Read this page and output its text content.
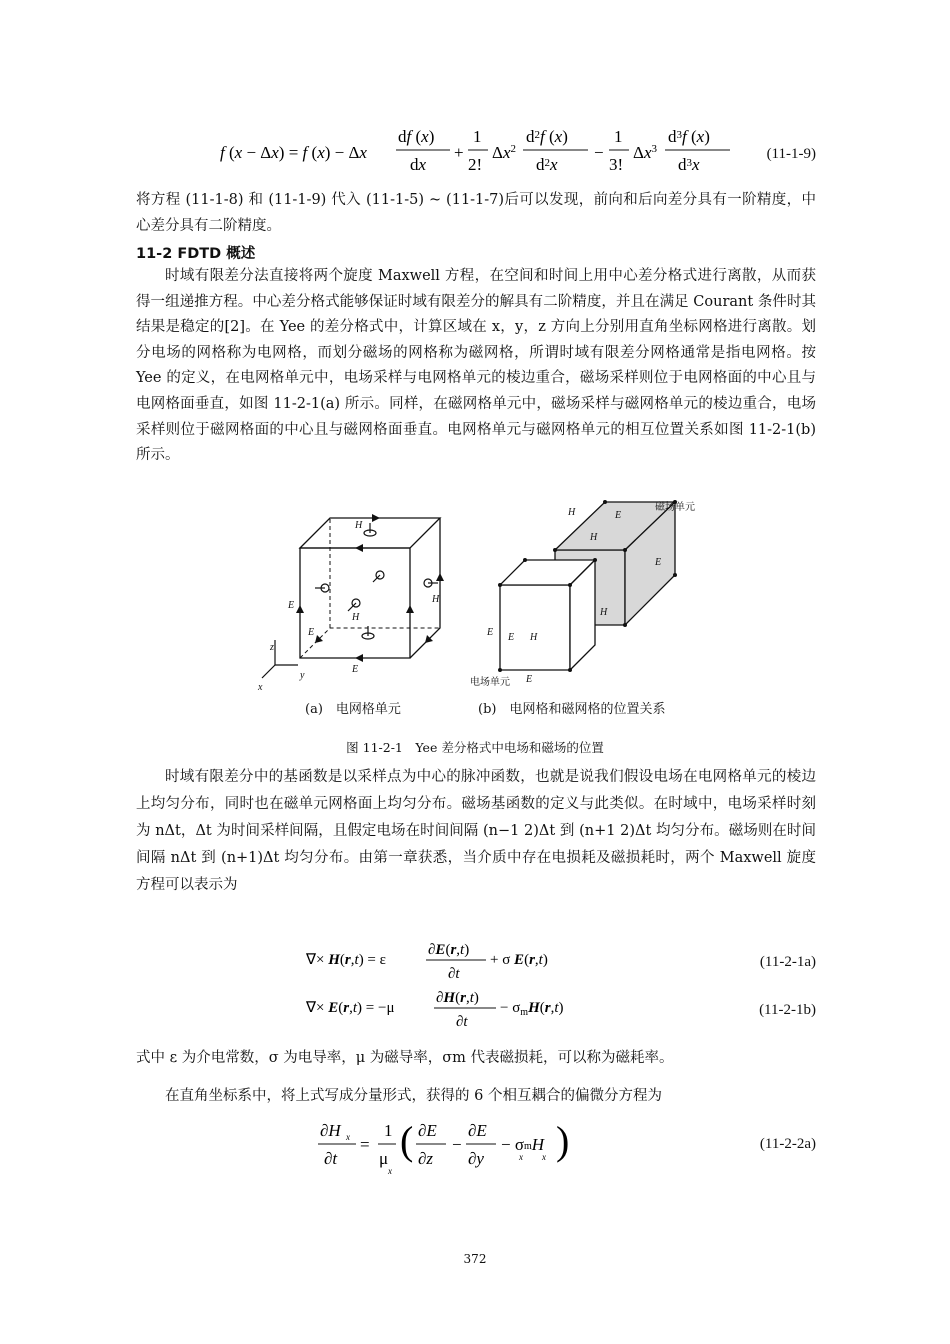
f (x − Δx) = f (x) − Δx
df (x)
dx
+
1
2!
$\Delta x^2$
$d^2f$ (x)
$d^2x$
−
1
3!
$\Delta x^3$
$d^3f$ (x)
$d^3x$
(11-1-9)
将方程 (11-1-8) 和 (11-1-9) 代入 (11-1-5) ~ (11-1-7)后可以发现，前向和后向差分具有一阶精度，中心差分具有二阶精度。
11-2 FDTD 概述
时域有限差分法直接将两个旋度 Maxwell 方程，在空间和时间上用中心差分格式进行离散，从而获得一组递推方程。中心差分格式能够保证时域有限差分的解具有二阶精度，并且在满足 Courant 条件时其结果是稳定的[2]。在 Yee 的差分格式中，计算区域在 x，y，z 方向上分别用直角坐标网格进行离散。划分电场的网格称为电网格，而划分磁场的网格称为磁网格，所谓时域有限差分网格通常是指电网格。按 Yee 的定义，在电网格单元中，电场采样与电网格单元的棱边重合，磁场采样则位于电网格面的中心且与电网格面垂直，如图 11-2-1(a) 所示。同样，在磁网格单元中，磁场采样与磁网格单元的棱边重合，电场采样则位于磁网格面的中心且与磁网格面垂直。电网格单元与磁网格单元的相互位置关系如图 11-2-1(b) 所示。
H
H
H
E
E
E
z
y
x
磁场单元
电场单元
H
H
H
H
E
E
E E
E
(a)　电网格单元	(b)　电网格和磁网格的位置关系
图 11-2-1　Yee 差分格式中电场和磁场的位置
时域有限差分中的基函数是以采样点为中心的脉冲函数，也就是说我们假设电场在电网格单元的棱边上均匀分布，同时也在磁单元网格面上均匀分布。磁场基函数的定义与此类似。在时域中，电场采样时刻为 nΔt，Δt 为时间采样间隔，且假定电场在时间间隔 (n−1 2)Δt 到 (n+1 2)Δt 均匀分布。磁场则在时间间隔 nΔt 到 (n+1)Δt 均匀分布。由第一章获悉，当介质中存在电损耗及磁损耗时，两个 Maxwell 旋度方程可以表示为
∇× H(r,t) = ε
∂E(r,t)
∂t
+ σ E(r,t)	(11-2-1a)
∇× E(r,t) = −μ
∂H(r,t)
∂t
− $\sigma_mH(r,t)$	(11-2-1b)
式中 ε 为介电常数，σ 为电导率，μ 为磁导率，σm 代表磁损耗，可以称为磁耗率。
在直角坐标系中，将上式写成分量形式，获得的 6 个相互耦合的偏微分方程为
∂H x
∂t
=
1
μ
x
( ∂E
∂z
−
∂E
∂y
− σmH
x x )	(11-2-2a)
372
